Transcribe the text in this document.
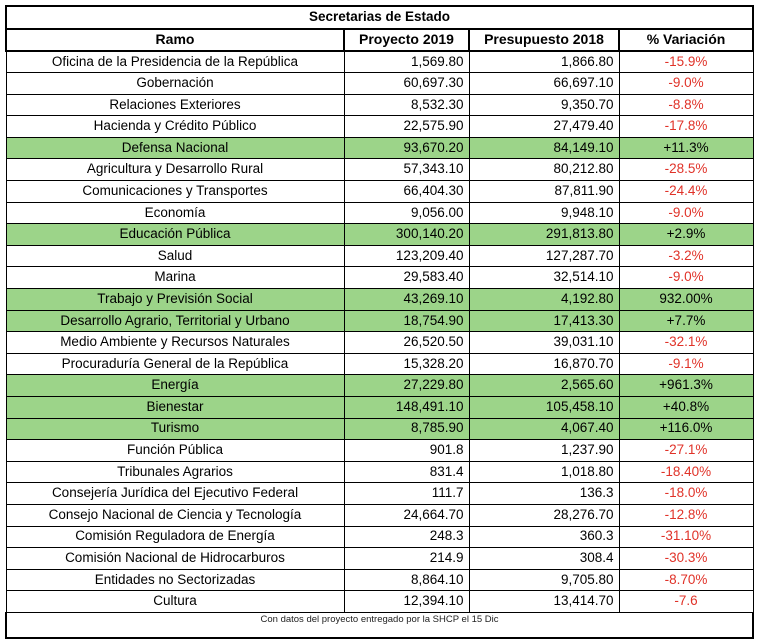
Secretarias de Estado			
Ramo	Proyecto 2019	Presupuesto 2018	% Variación
Oficina de la Presidencia de la República	1,569.80	1,866.80	-15.9%
Gobernación	60,697.30	66,697.10	-9.0%
Relaciones Exteriores	8,532.30	9,350.70	-8.8%
Hacienda y Crédito Público	22,575.90	27,479.40	-17.8%
Defensa Nacional	93,670.20	84,149.10	+11.3%
Agricultura y Desarrollo Rural	57,343.10	80,212.80	-28.5%
Comunicaciones y Transportes	66,404.30	87,811.90	-24.4%
Economía	9,056.00	9,948.10	-9.0%
Educación Pública	300,140.20	291,813.80	+2.9%
Salud	123,209.40	127,287.70	-3.2%
Marina	29,583.40	32,514.10	-9.0%
Trabajo y Previsión Social	43,269.10	4,192.80	932.00%
Desarrollo Agrario, Territorial y Urbano	18,754.90	17,413.30	+7.7%
Medio Ambiente y Recursos Naturales	26,520.50	39,031.10	-32.1%
Procuraduría General de la República	15,328.20	16,870.70	-9.1%
Energía	27,229.80	2,565.60	+961.3%
Bienestar	148,491.10	105,458.10	+40.8%
Turismo	8,785.90	4,067.40	+116.0%
Función Pública	901.8	1,237.90	-27.1%
Tribunales Agrarios	831.4	1,018.80	-18.40%
Consejería Jurídica del Ejecutivo Federal	111.7	136.3	-18.0%
Consejo Nacional de Ciencia y Tecnología	24,664.70	28,276.70	-12.8%
Comisión Reguladora de Energía	248.3	360.3	-31.10%
Comisión Nacional de Hidrocarburos	214.9	308.4	-30.3%
Entidades no Sectorizadas	8,864.10	9,705.80	-8.70%
Cultura	12,394.10	13,414.70	-7.6
Con datos del proyecto entregado por la SHCP el 15 Dic			
